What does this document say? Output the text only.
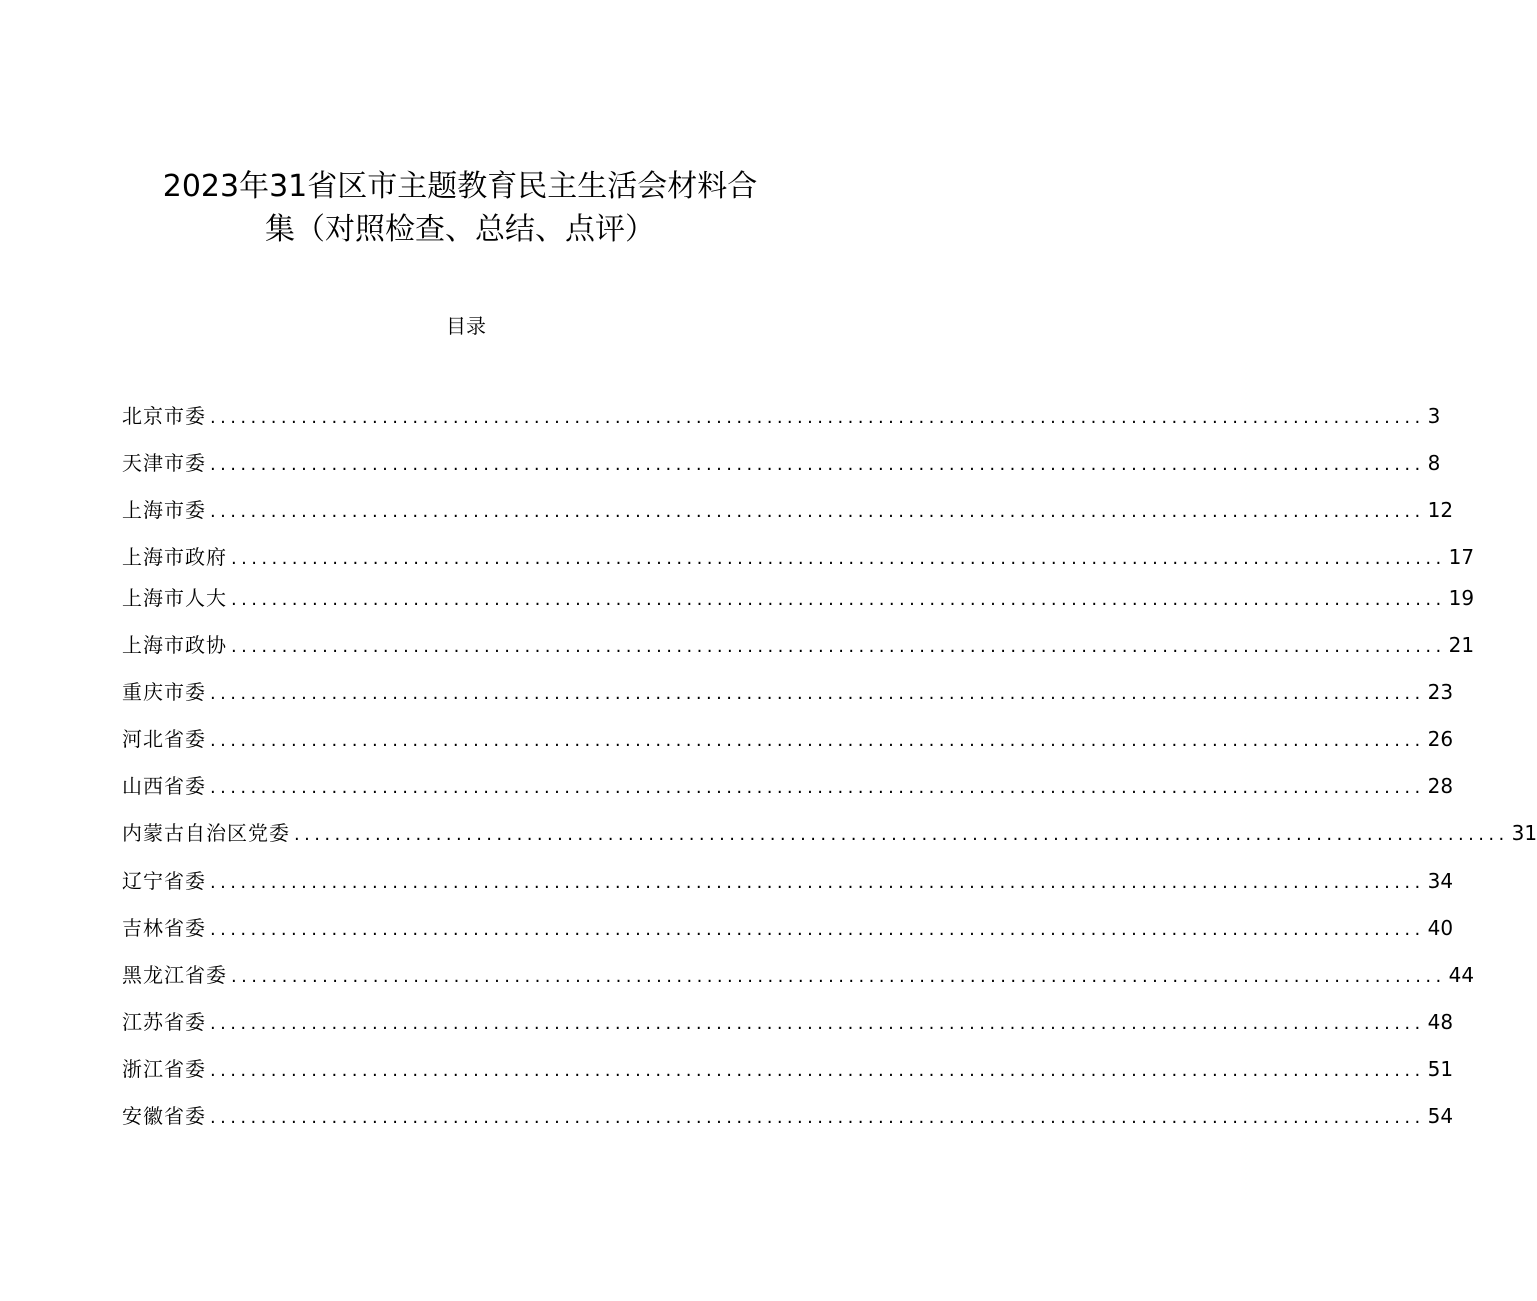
2023年31省区市主题教育民主生活会材料合
集（对照检查、总结、点评）
目录
北京市委 ........................................................................................................................ 3
天津市委 ........................................................................................................................ 8
上海市委 ........................................................................................................................ 12
上海市政府 ........................................................................................................................ 17
上海市人大 ........................................................................................................................ 19
上海市政协 ........................................................................................................................ 21
重庆市委 ........................................................................................................................ 23
河北省委 ........................................................................................................................ 26
山西省委 ........................................................................................................................ 28
内蒙古自治区党委 ........................................................................................................................ 31
辽宁省委 ........................................................................................................................ 34
吉林省委 ........................................................................................................................ 40
黑龙江省委 ........................................................................................................................ 44
江苏省委 ........................................................................................................................ 48
浙江省委 ........................................................................................................................ 51
安徽省委 ........................................................................................................................ 54
